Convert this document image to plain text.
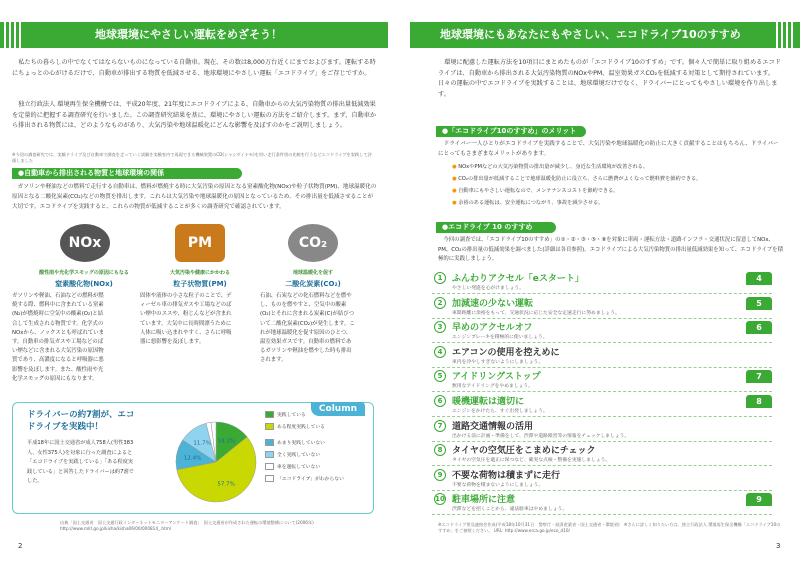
地球環境にやさしい運転をめざそう！
私たちの暮らしの中でなくてはならないものになっている自動車。現在、その数は8,000万台近くにまでおよびます。運転する時にちょっとの心がけるだけで、自動車が排出する物質を低減させる、地球環境にやさしい運転「エコドライブ」をご存じですか。
独立行政法人 環境再生保全機構では、平成20年度、21年度にエコドライブによる、自動車からの大気汚染物質の排出量低減効果を定量的に把握する調査研究を行いました。この調査研究結果を基に、環境にやさしい運転の方法をご紹介します。まず、自動車から排出される物質には、どのようなものがあり、大気汚染や地球温暖化にどんな影響を及ぼすのかをご説明しましょう。
※今回の調査研究では、実験ドライブ及び自動車で調査を走っていく試験を実験室内で再現できる機械装置のCD(シャシダイナモ)を用い走行条件別の比較を行うなどエコドライブを実践して評価しました
●自動車から排出される物質と地球環境の関係
ガソリンや軽油などの燃料で走行する自動車は、燃料が燃焼する時に大気汚染の原因となる窒素酸化物(NOx)や粒子状物質(PM)、地球温暖化の原因となる二酸化炭素(CO₂)などの物質を排出します。これらは大気汚染や地球温暖化の原因となっているため、その排出量を低減させることが大切です。エコドライブを実践すると、これらの物質が低減することが多くの調査研究で確認されています。
NOx	PM	CO₂
酸性雨や光化学スモッグの原因にもなる
窒素酸化物(NOx)
ガソリンや軽油、石油などの燃料が燃焼する際、燃料中に含まれている窒素(N₂)が燃焼時に空気中の酸素(O₂)と結合して生成される物質です。化学式のNOxから、ノックスとも呼ばれています。自動車の排気ガスや工場などのばい煙などに含まれる大気汚染の原因物質であり、高濃度になると呼吸器に悪影響を及ぼします。また、酸性雨や光化学スモッグの原因にもなります。
大気汚染や健康にかかわる
粒子状物質(PM)
固体や液体の小さな粒子のことで、ディーゼル車の排気ガスや工場などのばい煙中のススや、粉じんなどが含まれています。大気中に長時間漂うために人体に吸い込まれやすく、さらに呼吸器に悪影響を及ぼします。
地球温暖化を促す
二酸化炭素(CO₂)
石油、石炭などの化石燃料などを燃やし、ものを燃やすと、空気中の酸素(O₂)とそれに含まれる炭素(C)が結びついて二酸化炭素(CO₂)が発生します。これが地球温暖化を促す原因のひとつ、温室効果ガスです。自動車の燃料であるガソリンや軽油を燃やした時も排出されます。
Column
ドライバーの約7割が、エコドライブを実践中！
平成18年に国土交通省が成人758人(男性383人、女性375人)を対象に行った調査によると「エコドライブを実践している」「ある程度実践している」と回答したドライバーは約7割でした。
14.2%
57.7%
12.4%
11.7%
実践している
ある程度実践している
あまり実践していない
全く実践していない
車を運転していない
「エコドライブ」がわからない
出典「国土交通省　国土交通行政インターネットモニターアンケート調査」　国土交通省が作成された運転の環境整備について(2006年)　http://www.mlit.go.jp/kisha/kisha06/00/000814_.html
2
地球環境にもあなたにもやさしい、エコドライブ10のすすめ
環境に配慮した運転方法を10項目にまとめたものが「エコドライブ10のすすめ」です。個々人で簡単に取り組めるエコドライブは、自動車から排出される大気汚染物質のNOxやPM、温室効果ガスCO₂を低減する対策として期待されています。日々の運転の中でエコドライブを実践することは、地球環境だけでなく、ドライバーにとってもやさしい環境を作り出します。
●「エコドライブ10のすすめ」のメリット
ドライバー一人ひとりがエコドライブを実践することで、大気汚染や地球温暖化の防止に大きく貢献することはもちろん、ドライバーにとってもさまざまなメリットがあります。
● NOxやPMなどの大気汚染物質の排出量が減少し、身近な生活環境が改善される。
● CO₂の排出量が低減することで地球温暖化防止に役立ち、さらに燃費がよくなって燃料費を節約できる。
● 自動車にもやさしい運転なので、メンテナンスコストを節約できる。
● 余裕のある運転は、安全運転につながり、事故を減少させる。
●エコドライブ 10 のすすめ
今回の調査では、「エコドライブ10のすすめ」の①・②・③・⑤・⑧を対象に車両・運転方法・道路インフラ・交通状況に留意してNOx、PM、CO₂の排出量の低減効果を調べました(詳細は各頁参照)。エコドライブによる大気汚染物質の排出量低減効果を知って、エコドライブを積極的に実践しましょう。
1	ふんわりアクセル「eスタート」
やさしい発進を心がけましょう。
4
2	加減速の少ない運転
車間距離に余裕をもって、交通状況に応じた安全な定速走行に努めましょう。
5
3	早めのアクセルオフ
エンジンブレーキを積極的に使いましょう。
6
4	エアコンの使用を控えめに
車内を冷やしすぎないようにしましょう。
5	アイドリングストップ
無用なアイドリングをやめましょう。
7
6	暖機運転は適切に
エンジンをかけたら、すぐ出発しましょう。
8
7	道路交通情報の活用
出かける前に計画・準備をして、渋滞や道路障害等の情報をチェックしましょう。
8	タイヤの空気圧をこまめにチェック
タイヤの空気圧を適正に保つなど、確実な点検・整備を実施しましょう。
9	不要な荷物は積まずに走行
不要な荷物を積まないようにしましょう。
10 駐車場所に注意
渋滞などを招くことから、違法駐車はやめましょう。
9
※エコドライブ普及連絡会作成(平成18年10月31日　警察庁・経済産業省・国土交通省・環境省)　※さらに詳しく知りたい方は、独立行政法人 環境再生保全機構「エコドライブ10のすすめ」をご参照ください。 URL: http://www.erca.go.jp/eco_d10/
3
